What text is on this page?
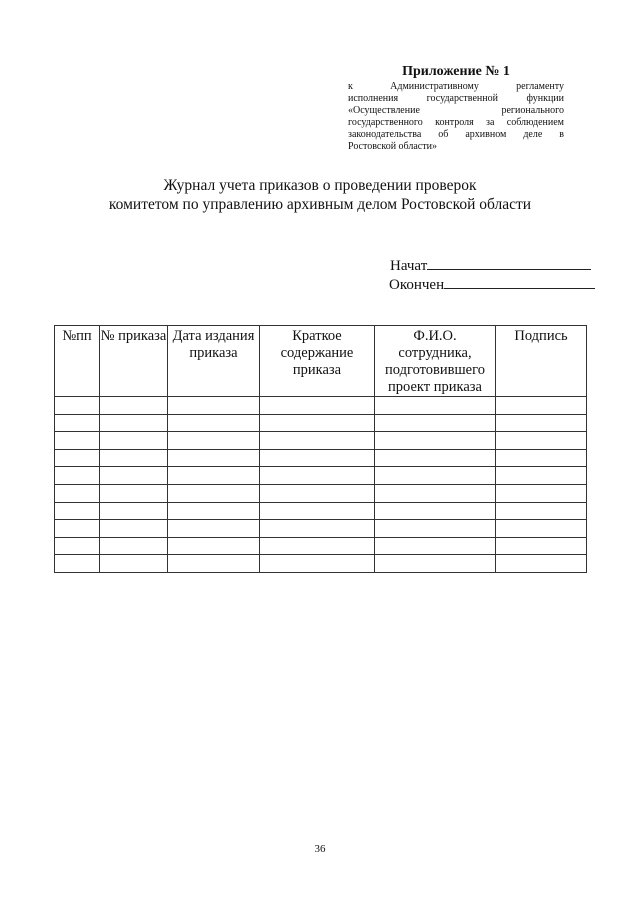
Приложение № 1
к Административному регламенту
исполнения государственной функции
«Осуществление регионального
государственного контроля за соблюдением
законодательства об архивном деле в
Ростовской области»
Журнал учета приказов о проведении проверок
комитетом по управлению архивным делом Ростовской области
Начат
Окончен
№пп	№ приказа	Дата издания приказа	Краткое содержание приказа	Ф.И.О. сотрудника, подготовившего проект приказа	Подпись

36
